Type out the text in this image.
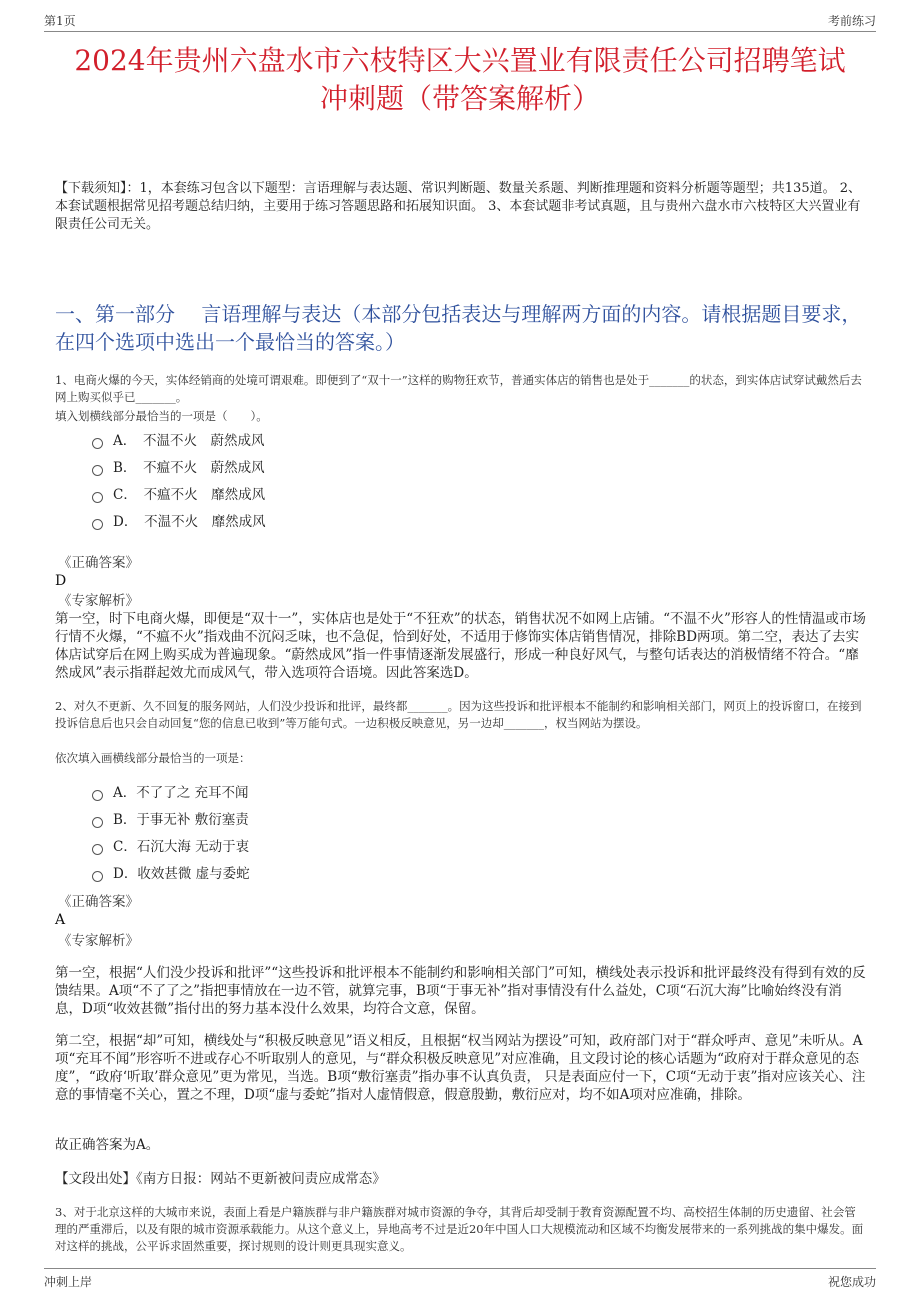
第1页	考前练习
2024年贵州六盘水市六枝特区大兴置业有限责任公司招聘笔试
冲刺题（带答案解析）
【下载须知】：1，本套练习包含以下题型：言语理解与表达题、常识判断题、数量关系题、判断推理题和资料分析题等题型；共135道。 2、本套试题根据常见招考题总结归纳，主要用于练习答题思路和拓展知识面。 3、本套试题非考试真题，且与贵州六盘水市六枝特区大兴置业有限责任公司无关。
一、第一部分　 言语理解与表达（本部分包括表达与理解两方面的内容。请根据题目要求，在四个选项中选出一个最恰当的答案。）
1、电商火爆的今天，实体经销商的处境可谓艰难。即便到了“双十一”这样的购物狂欢节，普通实体店的销售也是处于_______的状态，到实体店试穿试戴然后去网上购买似乎已_______。
填入划横线部分最恰当的一项是（　　）。
A．　不温不火　蔚然成风
B．　不瘟不火　蔚然成风
C．　不瘟不火　靡然成风
D．　不温不火　靡然成风
《正确答案》
D
《专家解析》
第一空，时下电商火爆，即便是“双十一”，实体店也是处于“不狂欢”的状态，销售状况不如网上店铺。“不温不火”形容人的性情温或市场行情不火爆，“不瘟不火”指戏曲不沉闷乏味，也不急促，恰到好处，不适用于修饰实体店销售情况，排除BD两项。第二空，表达了去实体店试穿后在网上购买成为普遍现象。“蔚然成风”指一件事情逐渐发展盛行，形成一种良好风气，与整句话表达的消极情绪不符合。“靡然成风”表示指群起效尤而成风气，带入选项符合语境。因此答案选D。
2、对久不更新、久不回复的服务网站，人们没少投诉和批评，最终都_______。因为这些投诉和批评根本不能制约和影响相关部门，网页上的投诉窗口，在接到投诉信息后也只会自动回复“您的信息已收到”等万能句式。一边积极反映意见，另一边却_______，权当网站为摆设。
依次填入画横线部分最恰当的一项是：
A．不了了之 充耳不闻
B．于事无补 敷衍塞责
C．石沉大海 无动于衷
D．收效甚微 虚与委蛇
《正确答案》
A
《专家解析》
第一空，根据“人们没少投诉和批评”“这些投诉和批评根本不能制约和影响相关部门”可知，横线处表示投诉和批评最终没有得到有效的反馈结果。A项“不了了之”指把事情放在一边不管，就算完事，B项“于事无补”指对事情没有什么益处，C项“石沉大海”比喻始终没有消息，D项“收效甚微”指付出的努力基本没什么效果，均符合文意，保留。
第二空，根据“却”可知，横线处与“积极反映意见”语义相反，且根据“权当网站为摆设”可知，政府部门对于“群众呼声、意见”未听从。A项“充耳不闻”形容听不进或存心不听取别人的意见，与“群众积极反映意见”对应准确，且文段讨论的核心话题为“政府对于群众意见的态度”，“政府‘听取’群众意见”更为常见，当选。B项“敷衍塞责”指办事不认真负责， 只是表面应付一下，C项“无动于衷”指对应该关心、注意的事情毫不关心，置之不理，D项“虚与委蛇”指对人虚情假意，假意殷勤，敷衍应对，均不如A项对应准确，排除。
故正确答案为A。
【文段出处】《南方日报：网站不更新被问责应成常态》
3、对于北京这样的大城市来说，表面上看是户籍族群与非户籍族群对城市资源的争夺，其背后却受制于教育资源配置不均、高校招生体制的历史遗留、社会管理的严重滞后，以及有限的城市资源承载能力。从这个意义上，异地高考不过是近20年中国人口大规模流动和区域不均衡发展带来的一系列挑战的集中爆发。面对这样的挑战，公平诉求固然重要，探讨规则的设计则更具现实意义。
冲刺上岸	祝您成功
